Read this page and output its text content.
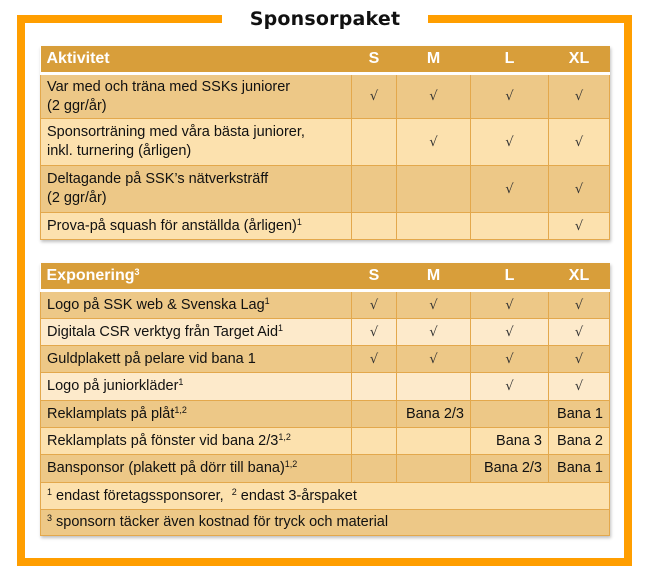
Sponsorpaket
Aktivitet	S	M	L	XL
Var med och träna med SSKs juniorer
(2 ggr/år)	√	√	√	√
Sponsorträning med våra bästa juniorer,
inkl. turnering (årligen)		√	√	√
Deltagande på SSK’s nätverksträff
(2 ggr/år)			√	√
Prova-på squash för anställda (årligen)$^1$				√
Exponering$^3$	S	M	L	XL
Logo på SSK web & Svenska Lag$^1$	√	√	√	√
Digitala CSR verktyg från Target Aid$^1$	√	√	√	√
Guldplakett på pelare vid bana 1	√	√	√	√
Logo på juniorkläder$^1$			√	√
Reklamplats på plåt$^{1,2}$		Bana 2/3		Bana 1
Reklamplats på fönster vid bana 2/3$^{1,2}$			Bana 3	Bana 2
Bansponsor (plakett på dörr till bana)$^{1,2}$			Bana 2/3	Bana 1
$^1$ endast företagssponsorer,  $^2$ endast 3-årspaket				
$^3$ sponsorn täcker även kostnad för tryck och material				
